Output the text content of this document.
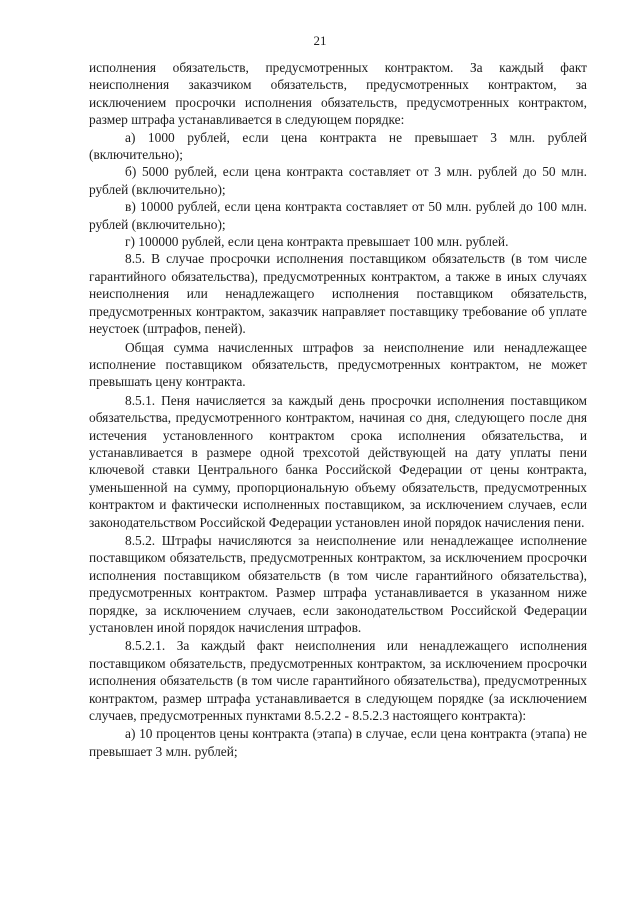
21

исполнения обязательств, предусмотренных контрактом. За каждый факт неисполнения заказчиком обязательств, предусмотренных контрактом, за исключением просрочки исполнения обязательств, предусмотренных контрактом, размер штрафа устанавливается в следующем порядке:

а) 1000 рублей, если цена контракта не превышает 3 млн. рублей (включительно);

б) 5000 рублей, если цена контракта составляет от 3 млн. рублей до 50 млн. рублей (включительно);

в) 10000 рублей, если цена контракта составляет от 50 млн. рублей до 100 млн. рублей (включительно);

г) 100000 рублей, если цена контракта превышает 100 млн. рублей.

8.5. В случае просрочки исполнения поставщиком обязательств (в том числе гарантийного обязательства), предусмотренных контрактом, а также в иных случаях неисполнения или ненадлежащего исполнения поставщиком обязательств, предусмотренных контрактом, заказчик направляет поставщику требование об уплате неустоек (штрафов, пеней).

Общая сумма начисленных штрафов за неисполнение или ненадлежащее исполнение поставщиком обязательств, предусмотренных контрактом, не может превышать цену контракта.

8.5.1. Пеня начисляется за каждый день просрочки исполнения поставщиком обязательства, предусмотренного контрактом, начиная со дня, следующего после дня истечения установленного контрактом срока исполнения обязательства, и устанавливается в размере одной трехсотой действующей на дату уплаты пени ключевой ставки Центрального банка Российской Федерации от цены контракта, уменьшенной на сумму, пропорциональную объему обязательств, предусмотренных контрактом и фактически исполненных поставщиком, за исключением случаев, если законодательством Российской Федерации установлен иной порядок начисления пени.

8.5.2. Штрафы начисляются за неисполнение или ненадлежащее исполнение поставщиком обязательств, предусмотренных контрактом, за исключением просрочки исполнения поставщиком обязательств (в том числе гарантийного обязательства), предусмотренных контрактом. Размер штрафа устанавливается в указанном ниже порядке, за исключением случаев, если законодательством Российской Федерации установлен иной порядок начисления штрафов.

8.5.2.1. За каждый факт неисполнения или ненадлежащего исполнения поставщиком обязательств, предусмотренных контрактом, за исключением просрочки исполнения обязательств (в том числе гарантийного обязательства), предусмотренных контрактом, размер штрафа устанавливается в следующем порядке (за исключением случаев, предусмотренных пунктами 8.5.2.2 - 8.5.2.3 настоящего контракта):

а) 10 процентов цены контракта (этапа) в случае, если цена контракта (этапа) не превышает 3 млн. рублей;
